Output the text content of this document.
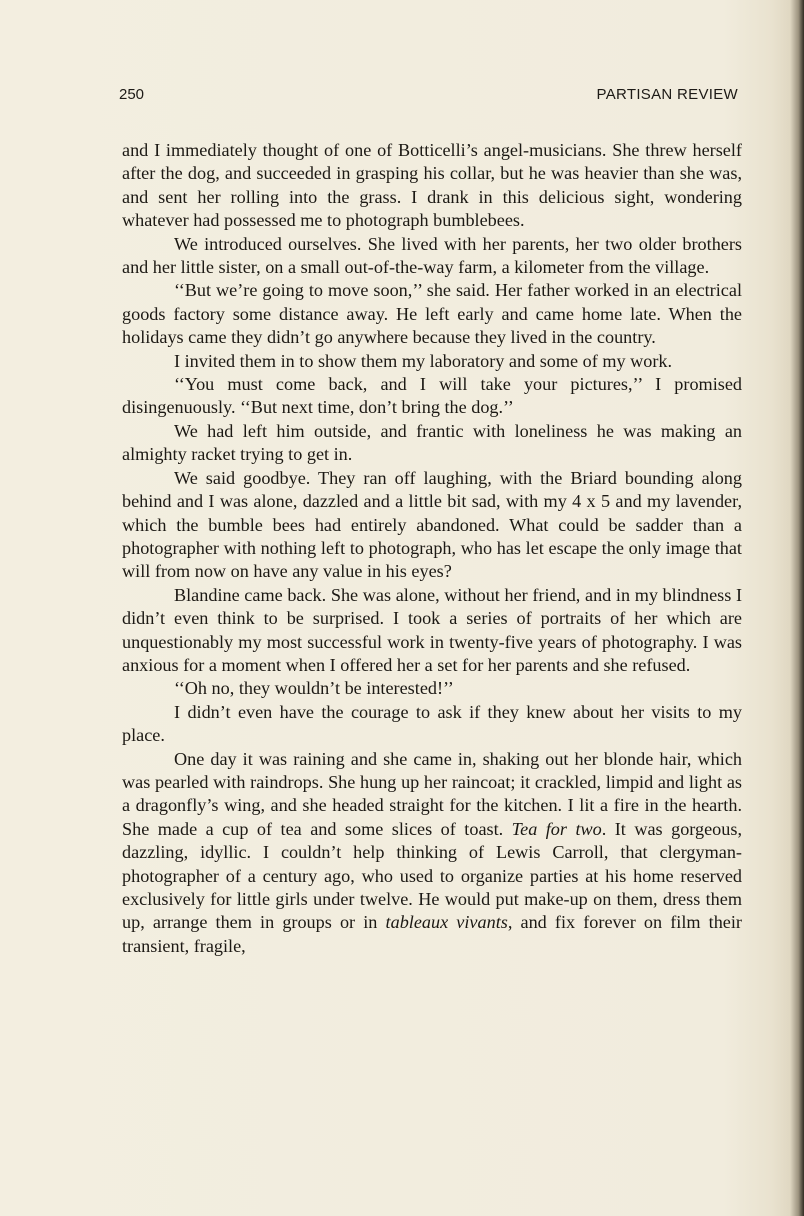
250	PARTISAN REVIEW

and I immediately thought of one of Botticelli’s angel-musicians. She threw herself after the dog, and succeeded in grasping his collar, but he was heavier than she was, and sent her rolling into the grass. I drank in this delicious sight, wondering whatever had possessed me to photograph bumblebees.

We introduced ourselves. She lived with her parents, her two older brothers and her little sister, on a small out-of-the-way farm, a kilometer from the village.

‘‘But we’re going to move soon,’’ she said. Her father worked in an electrical goods factory some distance away. He left early and came home late. When the holidays came they didn’t go anywhere because they lived in the country.

I invited them in to show them my laboratory and some of my work.

‘‘You must come back, and I will take your pictures,’’ I promised disingenuously. ‘‘But next time, don’t bring the dog.’’

We had left him outside, and frantic with loneliness he was making an almighty racket trying to get in.

We said goodbye. They ran off laughing, with the Briard bounding along behind and I was alone, dazzled and a little bit sad, with my 4 x 5 and my lavender, which the bumble bees had entirely abandoned. What could be sadder than a photographer with nothing left to photograph, who has let escape the only image that will from now on have any value in his eyes?

Blandine came back. She was alone, without her friend, and in my blindness I didn’t even think to be surprised. I took a series of portraits of her which are unquestionably my most successful work in twenty-five years of photography. I was anxious for a moment when I offered her a set for her parents and she refused.

‘‘Oh no, they wouldn’t be interested!’’

I didn’t even have the courage to ask if they knew about her visits to my place.

One day it was raining and she came in, shaking out her blonde hair, which was pearled with raindrops. She hung up her raincoat; it crackled, limpid and light as a dragonfly’s wing, and she headed straight for the kitchen. I lit a fire in the hearth. She made a cup of tea and some slices of toast. Tea for two. It was gorgeous, dazzling, idyllic. I couldn’t help thinking of Lewis Carroll, that clergyman-photographer of a century ago, who used to organize parties at his home reserved exclusively for little girls under twelve. He would put make-up on them, dress them up, arrange them in groups or in tableaux vivants, and fix forever on film their transient, fragile,
